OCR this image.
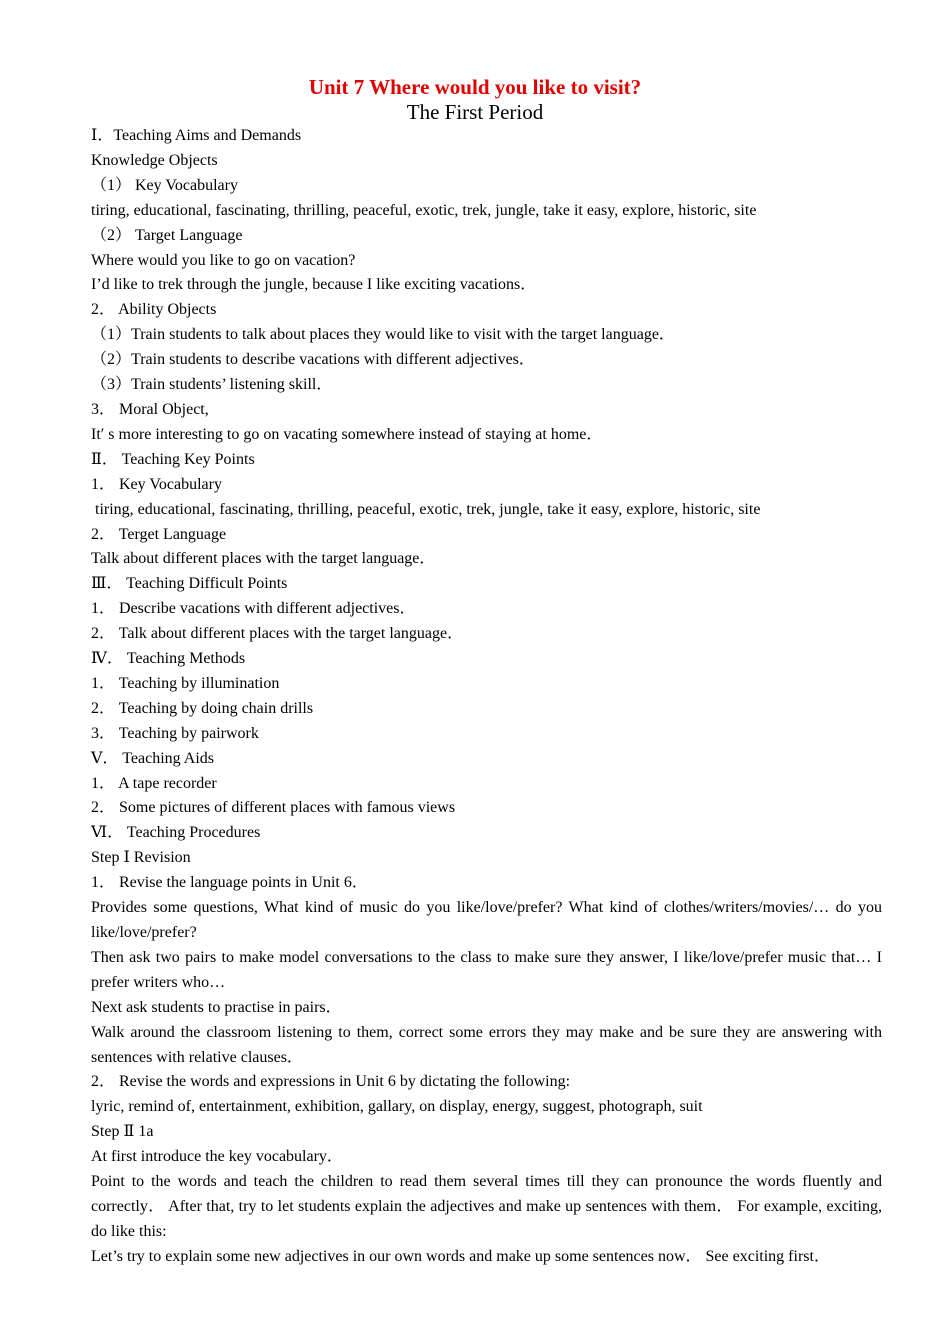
Unit 7 Where would you like to visit?
The First Period
Ⅰ．Teaching Aims and Demands
Knowledge Objects
（1） Key Vocabulary
tiring, educational, fascinating, thrilling, peaceful, exotic, trek, jungle, take it easy, explore, historic, site
（2） Target Language
Where would you like to go on vacation?
I’d like to trek through the jungle, because I like exciting vacations．
2． Ability Objects
（1）Train students to talk about places they would like to visit with the target language．
（2）Train students to describe vacations with different adjectives．
（3）Train students’ listening skill．
3． Moral Object,
It′ s more interesting to go on vacating somewhere instead of staying at home．
Ⅱ． Teaching Key Points
1． Key Vocabulary
tiring, educational, fascinating, thrilling, peaceful, exotic, trek, jungle, take it easy, explore, historic, site
2． Terget Language
Talk about different places with the target language．
Ⅲ． Teaching Difficult Points
1． Describe vacations with different adjectives．
2． Talk about different places with the target language．
Ⅳ． Teaching Methods
1． Teaching by illumination
2． Teaching by doing chain drills
3． Teaching by pairwork
Ⅴ． Teaching Aids
1． A tape recorder
2． Some pictures of different places with famous views
Ⅵ． Teaching Procedures
Step Ⅰ Revision
1． Revise the language points in Unit 6．
Provides some questions, What kind of music do you like/love/prefer? What kind of clothes/writers/movies/… do you like/love/prefer?
Then ask two pairs to make model conversations to the class to make sure they answer, I like/love/prefer music that… I prefer writers who…
Next ask students to practise in pairs．
Walk around the classroom listening to them, correct some errors they may make and be sure they are answering with sentences with relative clauses．
2． Revise the words and expressions in Unit 6 by dictating the following:
lyric, remind of, entertainment, exhibition, gallary, on display, energy, suggest, photograph, suit
Step Ⅱ 1a
At first introduce the key vocabulary．
Point to the words and teach the children to read them several times till they can pronounce the words fluently and correctly． After that, try to let students explain the adjectives and make up sentences with them． For example, exciting, do like this:
Let’s try to explain some new adjectives in our own words and make up some sentences now． See exciting first．
